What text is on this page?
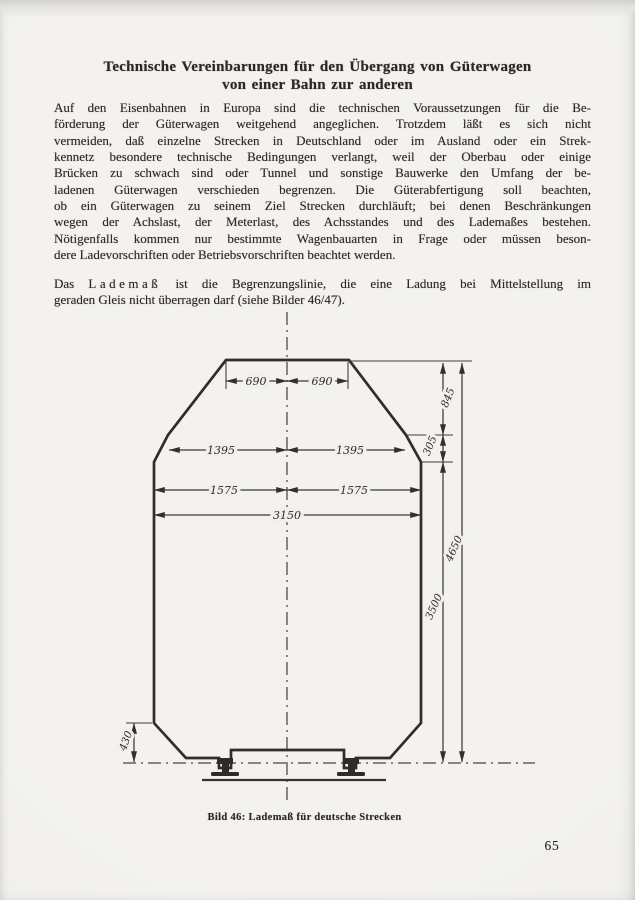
Technische Vereinbarungen für den Übergang von Güterwagen
von einer Bahn zur anderen
Auf den Eisenbahnen in Europa sind die technischen Voraussetzungen für die Be-
förderung der Güterwagen weitgehend angeglichen. Trotzdem läßt es sich nicht
vermeiden, daß einzelne Strecken in Deutschland oder im Ausland oder ein Strek-
kennetz besondere technische Bedingungen verlangt, weil der Oberbau oder einige
Brücken zu schwach sind oder Tunnel und sonstige Bauwerke den Umfang der be-
ladenen Güterwagen verschieden begrenzen. Die Güterabfertigung soll beachten,
ob ein Güterwagen zu seinem Ziel Strecken durchläuft; bei denen Beschränkungen
wegen der Achslast, der Meterlast, des Achsstandes und des Lademaßes bestehen.
Nötigenfalls kommen nur bestimmte Wagenbauarten in Frage oder müssen beson-
dere Ladevorschriften oder Betriebsvorschriften beachtet werden.
Das Lademaß ist die Begrenzungslinie, die eine Ladung bei Mittelstellung im
geraden Gleis nicht überragen darf (siehe Bilder 46/47).
690	690
1395	1395
1575	1575
3150
845
305
3500
4650
430
Bild 46: Lademaß für deutsche Strecken
65
